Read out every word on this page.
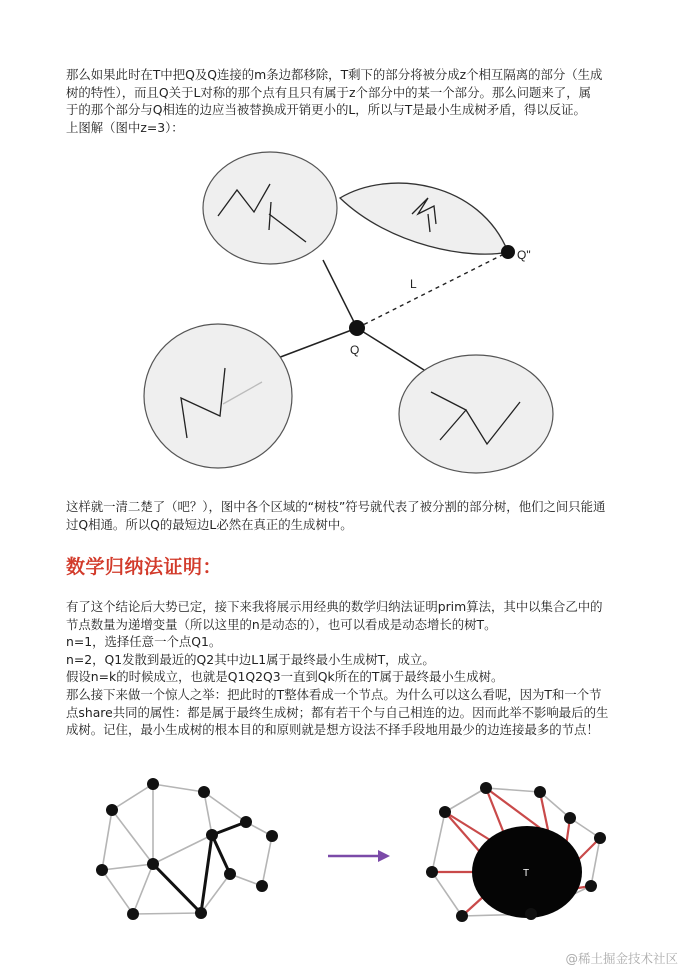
那么如果此时在T中把Q及Q连接的m条边都移除，T剩下的部分将被分成z个相互隔离的部分（生成
树的特性），而且Q关于L对称的那个点有且只有属于z个部分中的某一个部分。那么问题来了，属
于的那个部分与Q相连的边应当被替换成开销更小的L，所以与T是最小生成树矛盾，得以反证。
上图解（图中z=3）：
Q"
L
Q
这样就一清二楚了（吧？），图中各个区域的“树枝”符号就代表了被分割的部分树，他们之间只能通
过Q相通。所以Q的最短边L必然在真正的生成树中。
数学归纳法证明：
有了这个结论后大势已定，接下来我将展示用经典的数学归纳法证明prim算法，其中以集合乙中的
节点数量为递增变量（所以这里的n是动态的），也可以看成是动态增长的树T。
n=1，选择任意一个点Q1。
n=2，Q1发散到最近的Q2其中边L1属于最终最小生成树T，成立。
假设n=k的时候成立，也就是Q1Q2Q3一直到Qk所在的T属于最终最小生成树。
那么接下来做一个惊人之举：把此时的T整体看成一个节点。为什么可以这么看呢，因为T和一个节
点share共同的属性：都是属于最终生成树；都有若干个与自己相连的边。因而此举不影响最后的生
成树。记住，最小生成树的根本目的和原则就是想方设法不择手段地用最少的边连接最多的节点！
T
@稀土掘金技术社区
